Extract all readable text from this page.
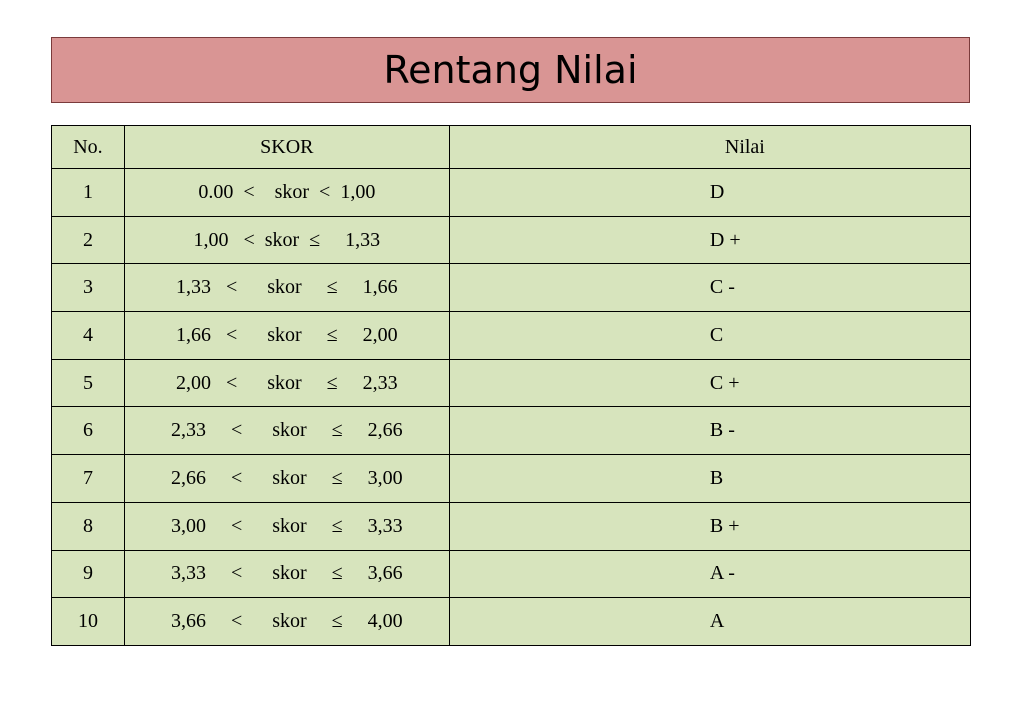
Rentang Nilai
No.	SKOR	Nilai
1	0.00  <    skor  <  1,00	D
2	1,00   <  skor  ≤     1,33	D +
3	1,33   <      skor     ≤     1,66	C -
4	1,66   <      skor     ≤     2,00	C
5	2,00   <      skor     ≤     2,33	C +
6	2,33     <      skor     ≤     2,66	B -
7	2,66     <      skor     ≤     3,00	B
8	3,00     <      skor     ≤     3,33	B +
9	3,33     <      skor     ≤     3,66	A -
10	3,66     <      skor     ≤     4,00	A
